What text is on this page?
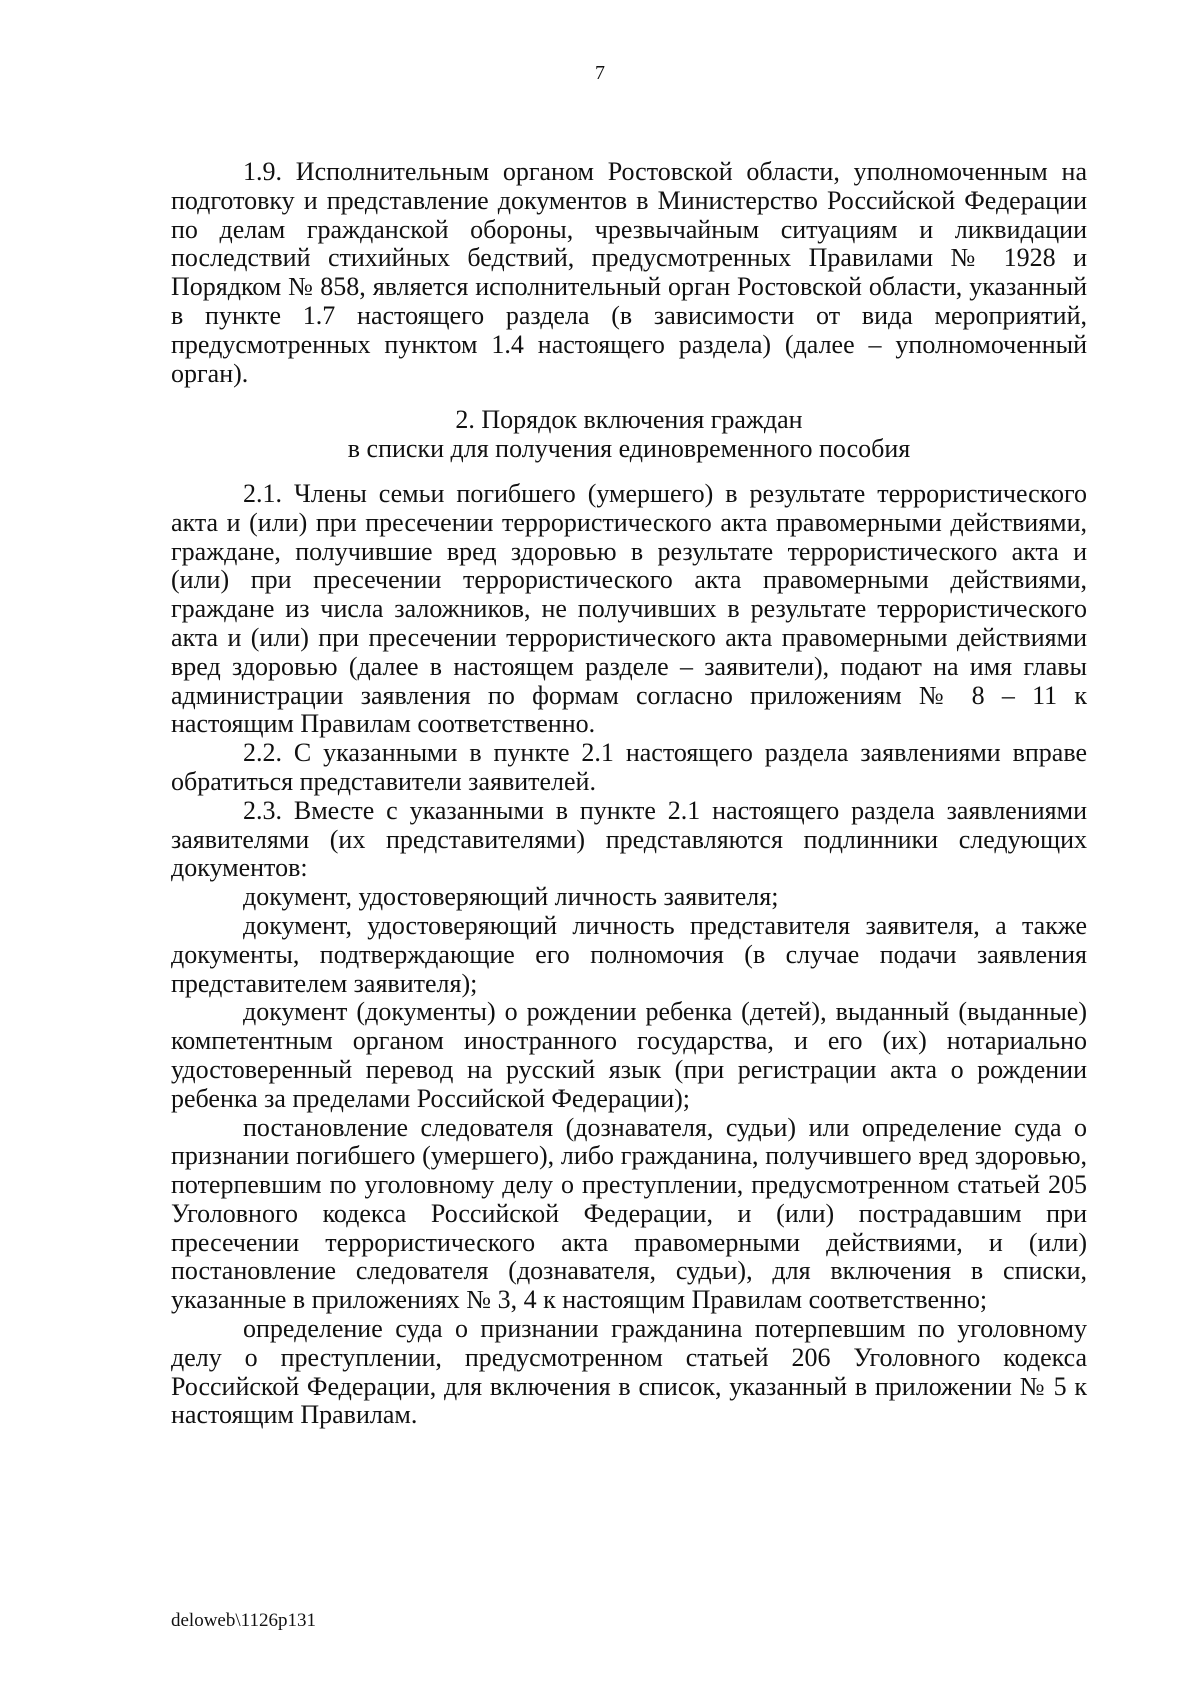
7

1.9. Исполнительным органом Ростовской области, уполномоченным на подготовку и представление документов в Министерство Российской Федерации по делам гражданской обороны, чрезвычайным ситуациям и ликвидации последствий стихийных бедствий, предусмотренных Правилами № 1928 и Порядком № 858, является исполнительный орган Ростовской области, указанный в пункте 1.7 настоящего раздела (в зависимости от вида мероприятий, предусмотренных пунктом 1.4 настоящего раздела) (далее – уполномоченный орган).

2. Порядок включения граждан
в списки для получения единовременного пособия

2.1. Члены семьи погибшего (умершего) в результате террористического акта и (или) при пресечении террористического акта правомерными действиями, граждане, получившие вред здоровью в результате террористического акта и (или) при пресечении террористического акта правомерными действиями, граждане из числа заложников, не получивших в результате террористического акта и (или) при пресечении террористического акта правомерными действиями вред здоровью (далее в настоящем разделе – заявители), подают на имя главы администрации заявления по формам согласно приложениям № 8 – 11 к настоящим Правилам соответственно.

2.2. С указанными в пункте 2.1 настоящего раздела заявлениями вправе обратиться представители заявителей.

2.3. Вместе с указанными в пункте 2.1 настоящего раздела заявлениями заявителями (их представителями) представляются подлинники следующих документов:

документ, удостоверяющий личность заявителя;

документ, удостоверяющий личность представителя заявителя, а также документы, подтверждающие его полномочия (в случае подачи заявления представителем заявителя);

документ (документы) о рождении ребенка (детей), выданный (выданные) компетентным органом иностранного государства, и его (их) нотариально удостоверенный перевод на русский язык (при регистрации акта о рождении ребенка за пределами Российской Федерации);

постановление следователя (дознавателя, судьи) или определение суда о признании погибшего (умершего), либо гражданина, получившего вред здоровью, потерпевшим по уголовному делу о преступлении, предусмотренном статьей 205 Уголовного кодекса Российской Федерации, и (или) пострадавшим при пресечении террористического акта правомерными действиями, и (или) постановление следователя (дознавателя, судьи), для включения в списки, указанные в приложениях № 3, 4 к настоящим Правилам соответственно;

определение суда о признании гражданина потерпевшим по уголовному делу о преступлении, предусмотренном статьей 206 Уголовного кодекса Российской Федерации, для включения в список, указанный в приложении № 5 к настоящим Правилам.

deloweb\1126p131
